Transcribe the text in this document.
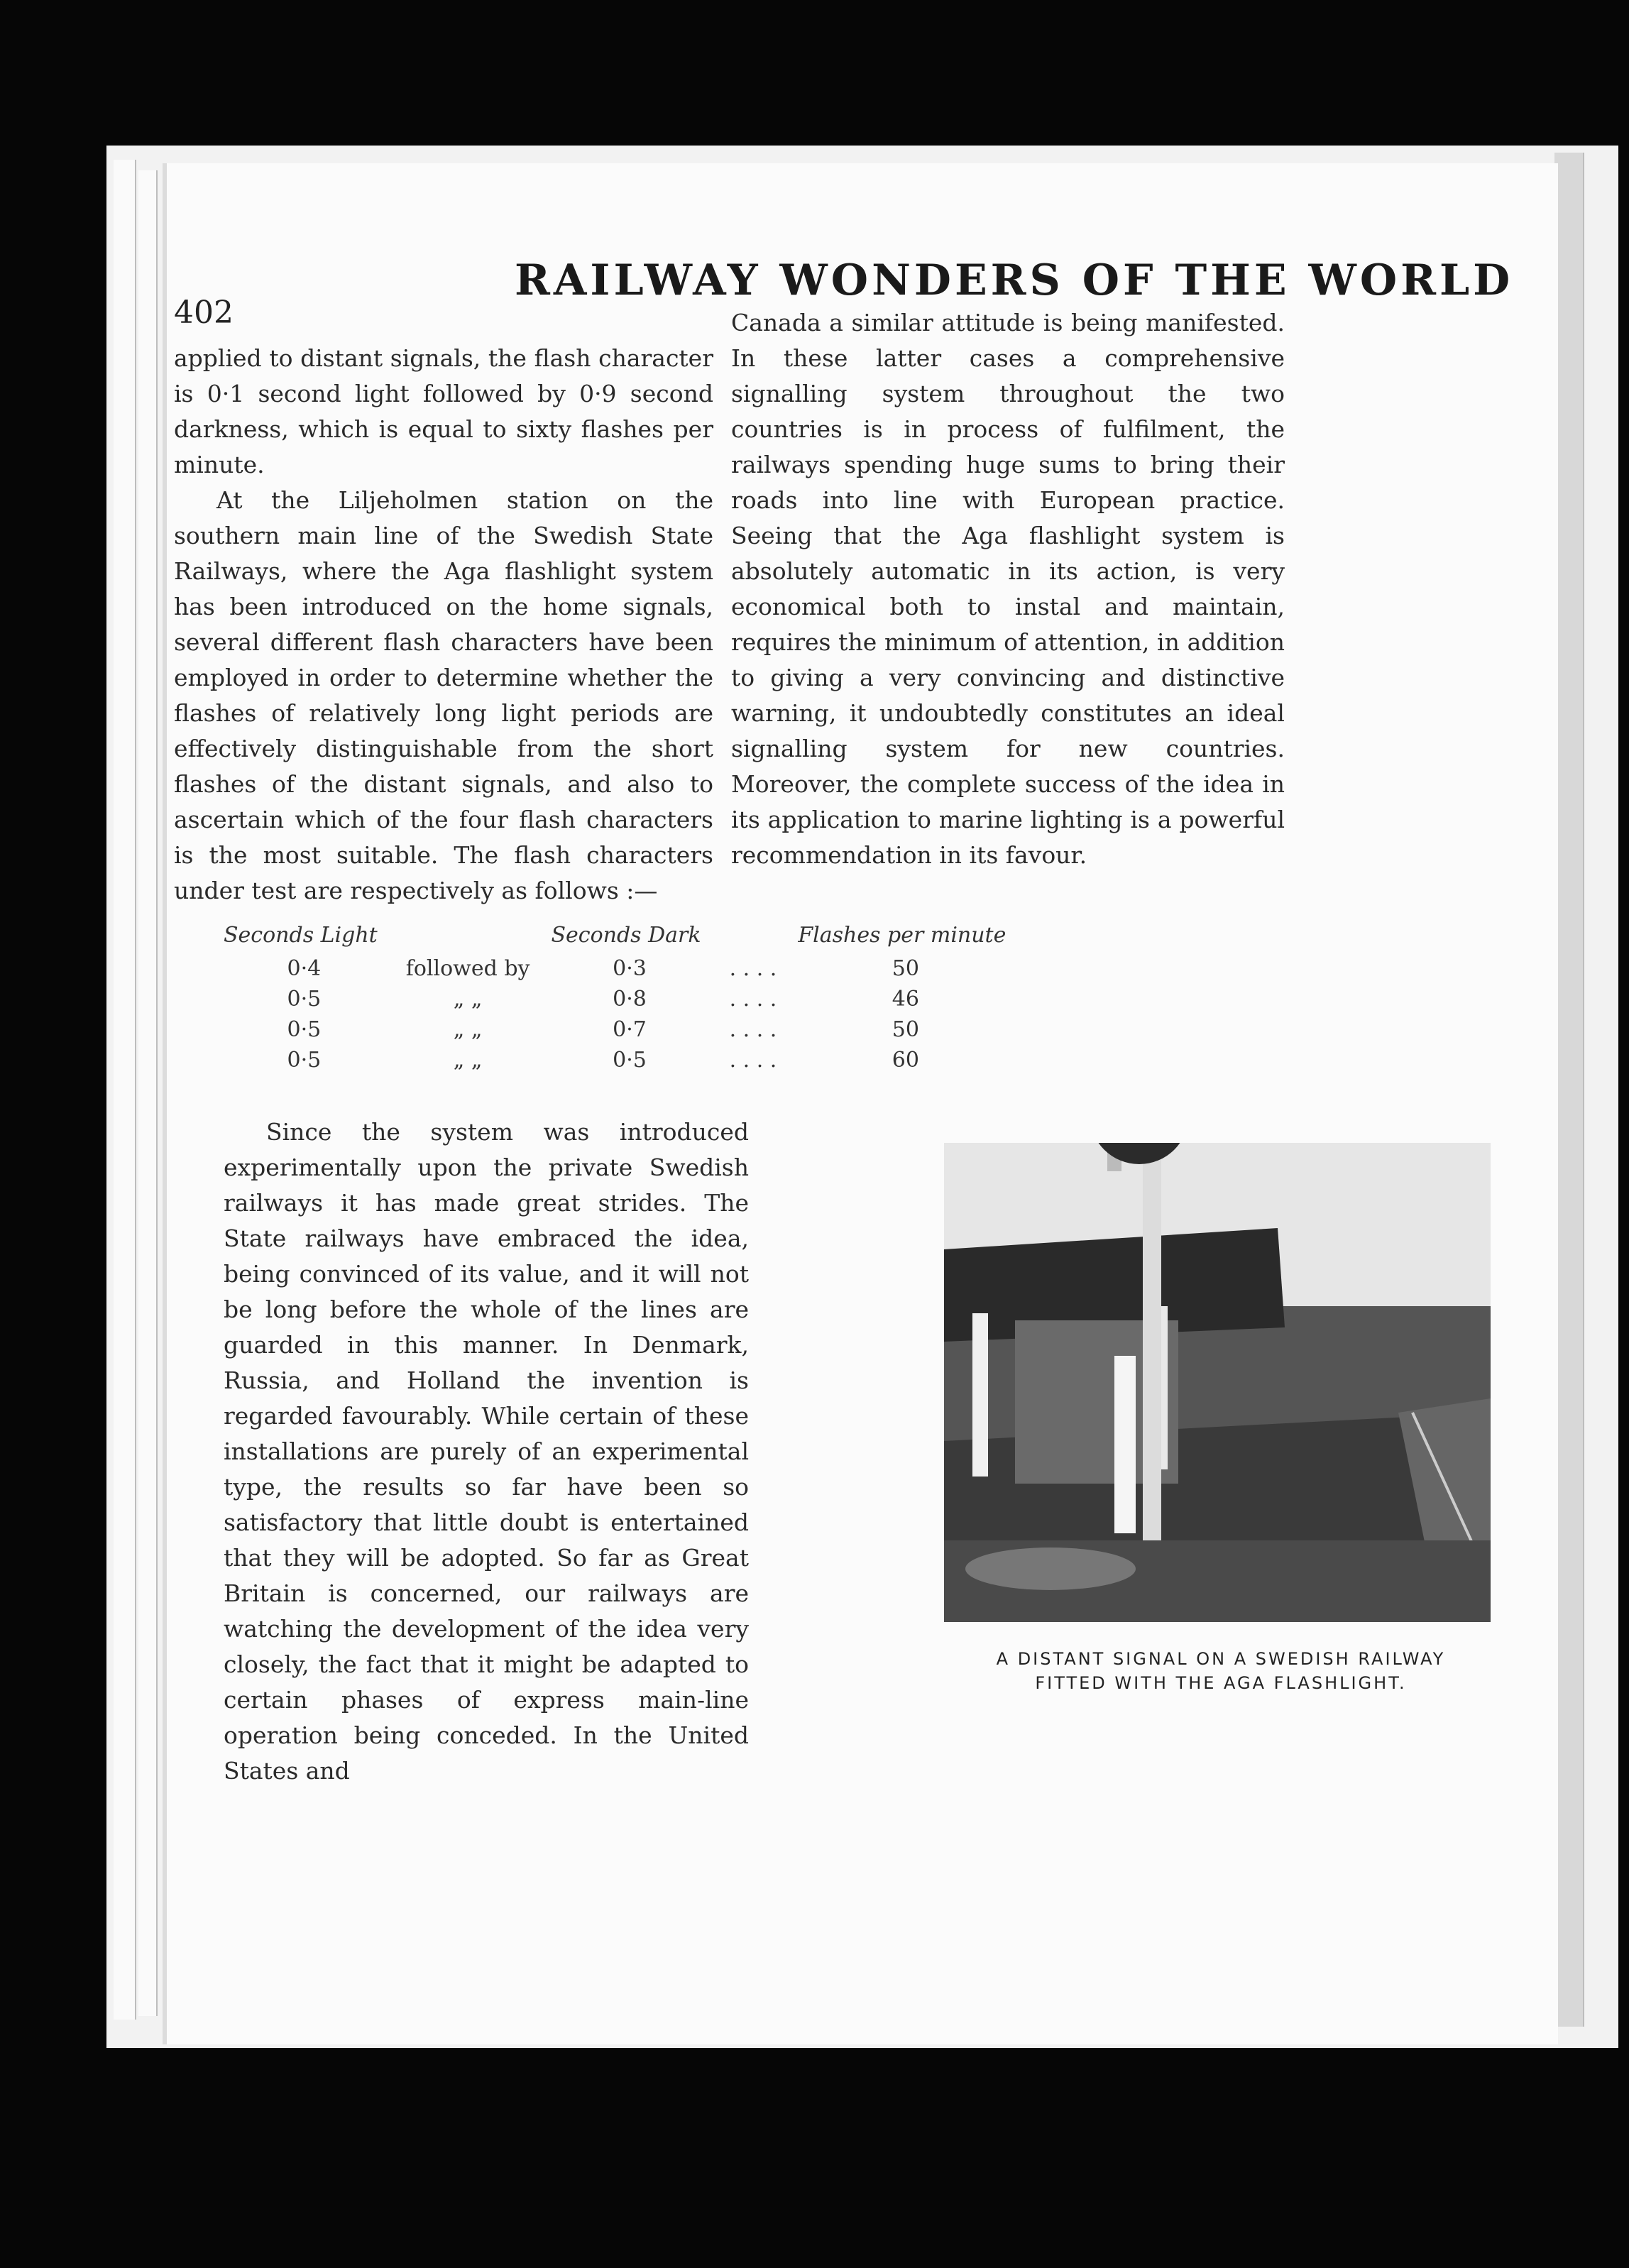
402
RAILWAY WONDERS OF THE WORLD

applied to distant signals, the flash character is 0·1 second light followed by 0·9 second darkness, which is equal to sixty flashes per minute.

At the Liljeholmen station on the southern main line of the Swedish State Railways, where the Aga flashlight system has been introduced on the home signals, several different flash characters have been employed in order to determine whether the flashes of relatively long light periods are effectively distinguishable from the short flashes of the distant signals, and also to ascertain which of the four flash characters is the most suitable. The flash characters under test are respectively as follows :—

Seconds Light		Seconds Dark		Flashes per minute
0·4	followed by	0·3	. . . .	50
0·5	„ „	0·8	. . . .	46
0·5	„ „	0·7	. . . .	50
0·5	„ „	0·5	. . . .	60

Since the system was introduced experimentally upon the private Swedish railways it has made great strides. The State railways have embraced the idea, being convinced of its value, and it will not be long before the whole of the lines are guarded in this manner. In Denmark, Russia, and Holland the invention is regarded favourably. While certain of these installations are purely of an experimental type, the results so far have been so satisfactory that little doubt is entertained that they will be adopted. So far as Great Britain is concerned, our railways are watching the development of the idea very closely, the fact that it might be adapted to certain phases of express main-line operation being conceded. In the United States and

Canada a similar attitude is being manifested. In these latter cases a comprehensive signalling system throughout the two countries is in process of fulfilment, the railways spending huge sums to bring their roads into line with European practice. Seeing that the Aga flashlight system is absolutely automatic in its action, is very economical both to instal and maintain, requires the minimum of attention, in addition to giving a very convincing and distinctive warning, it undoubtedly constitutes an ideal signalling system for new countries. Moreover, the complete success of the idea in its application to marine lighting is a powerful recommendation in its favour.

A DISTANT SIGNAL ON A SWEDISH RAILWAY
FITTED WITH THE AGA FLASHLIGHT.
